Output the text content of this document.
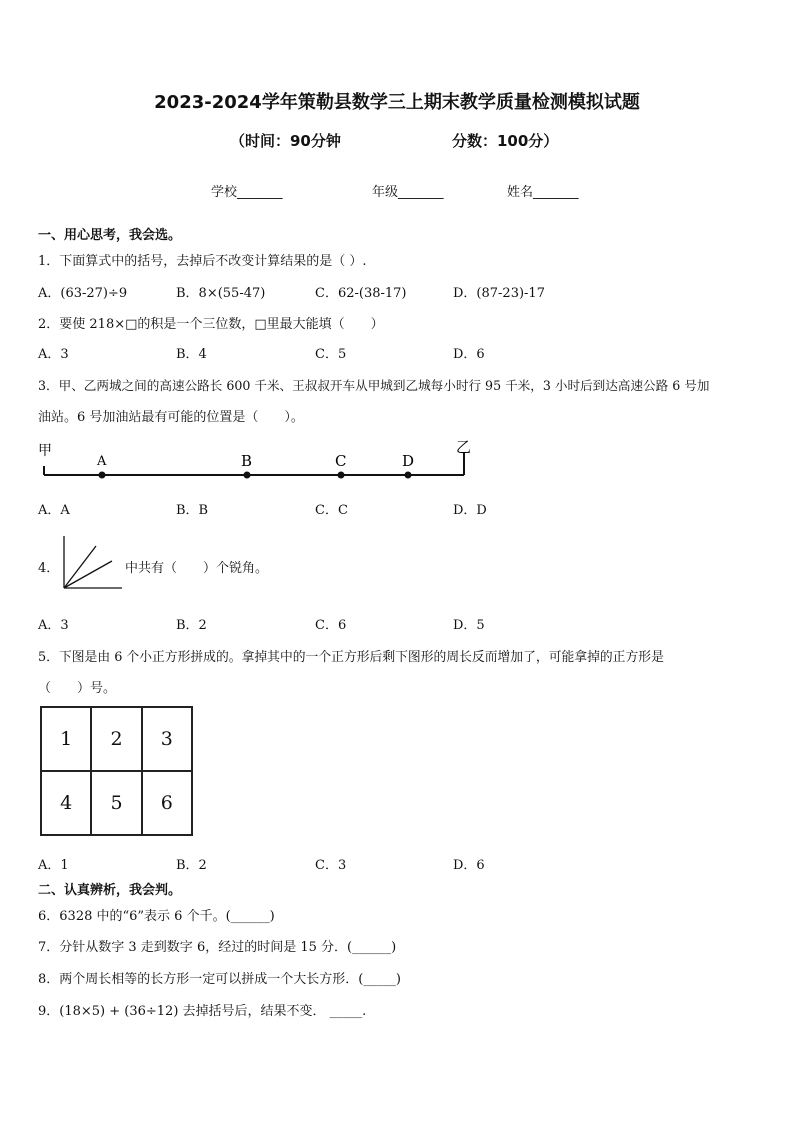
2023-2024学年策勒县数学三上期末教学质量检测模拟试题
（时间：90分钟	分数：100分）
学校_______	年级_______	姓名_______
一、用心思考，我会选。
1．下面算式中的括号，去掉后不改变计算结果的是（ ）.
A．(63-27)÷9	B．8×(55-47)	C．62-(38-17)	D．(87-23)-17
2．要使 218×□的积是一个三位数，□里最大能填（　　）
A．3	B．4	C．5	D．6
3．甲、乙两城之间的高速公路长 600 千米、王叔叔开车从甲城到乙城每小时行 95 千米，3 小时后到达高速公路 6 号加
油站。6 号加油站最有可能的位置是（　　）。
甲
A	B	C	D
乙
A．A	B．B	C．C	D．D
4．	中共有（　　）个锐角。
A．3	B．2	C．6	D．5
5．下图是由 6 个小正方形拼成的。拿掉其中的一个正方形后剩下图形的周长反而增加了，可能拿掉的正方形是
（　　）号。
1	2	3
4	5	6
A．1	B．2	C．3	D．6
二、认真辨析，我会判。
6．6328 中的“6”表示 6 个千。(______)
7．分针从数字 3 走到数字 6，经过的时间是 15 分．(______)
8．两个周长相等的长方形一定可以拼成一个大长方形．(_____)
9．(18×5) + (36÷12) 去掉括号后，结果不变． _____.
